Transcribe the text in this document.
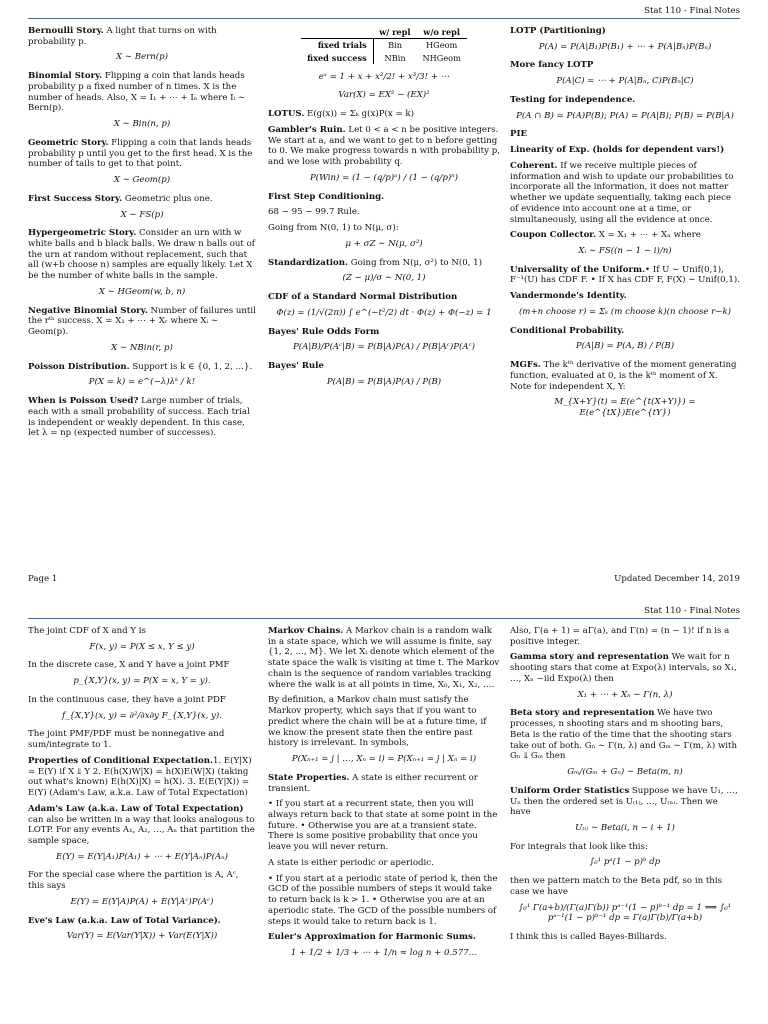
Stat 110 - Final Notes

Bernoulli Story. A light that turns on with probability p.

X ∼ Bern(p)

Binomial Story. Flipping a coin that lands heads probability p a fixed number of n times. X is the number of heads. Also, X = I₁ + ⋯ + Iₙ where Iᵢ ∼ Bern(p).

X ∼ Bin(n, p)

Geometric Story. Flipping a coin that lands heads probability p until you get to the first head. X is the number of tails to get to that point.

X ∼ Geom(p)

First Success Story. Geometric plus one.

X ∼ FS(p)

Hypergeometric Story. Consider an urn with w white balls and b black balls. We draw n balls out of the urn at random without replacement, such that all (w+b choose n) samples are equally likely. Let X be the number of white balls in the sample.

X ∼ HGeom(w, b, n)

Negative Binomial Story. Number of failures until the rᵗʰ success. X = X₁ + ⋯ + Xᵣ where Xᵢ ∼ Geom(p).

X ∼ NBin(r, p)

Poisson Distribution. Support is k ∈ {0, 1, 2, …}.

P(X = k) = e^(−λ)λᵏ / k!

When is Poisson Used? Large number of trials, each with a small probability of success. Each trial is independent or weakly dependent. In this case, let λ = np (expected number of successes).

	w/ repl	w/o repl
fixed trials	Bin	HGeom
fixed success	NBin	NHGeom
eˣ = 1 + x + x²/2! + x³/3! + ⋯
Var(X) = EX² − (EX)²

LOTUS. E(g(x)) = Σₖ g(x)P(x = k)

Gambler's Ruin. Let 0 < a < n be positive integers. We start at a, and we want to get to n before getting to 0. We make progress towards n with probability p, and we lose with probability q.

P(Win) = (1 − (q/p)ᵃ) / (1 − (q/p)ⁿ)

First Step Conditioning.

68 − 95 − 99.7 Rule.

Going from N(0, 1) to N(μ, σ):

μ + σZ ∼ N(μ, σ²)

Standardization. Going from N(μ, σ²) to N(0, 1)

(Z − μ)/σ ∼ N(0, 1)

CDF of a Standard Normal Distribution

Φ(z) = (1/√(2π)) ∫ e^(−t²/2) dt · Φ(z) + Φ(−z) = 1

Bayes' Rule Odds Form

P(A|B)/P(Aᶜ|B) = P(B|A)P(A) / P(B|Aᶜ)P(Aᶜ)

Bayes' Rule

P(A|B) = P(B|A)P(A) / P(B)

LOTP (Partitioning)

P(A) = P(A|B₁)P(B₁) + ⋯ + P(A|Bₙ)P(Bₙ)

More fancy LOTP

P(A|C) = ⋯ + P(A|Bₙ, C)P(Bₙ|C)

Testing for independence.

P(A ∩ B) = P(A)P(B); P(A) = P(A|B); P(B) = P(B|A)

PIE

Linearity of Exp. (holds for dependent vars!)

Coherent. If we receive multiple pieces of information and wish to update our probabilities to incorporate all the information, it does not matter whether we update sequentially, taking each piece of evidence into account one at a time, or simultaneously, using all the evidence at once.

Coupon Collector. X = X₁ + ⋯ + Xₙ where

Xᵢ ∼ FS((n − 1 − i)/n)

Universality of the Uniform.• If U ∼ Unif(0,1), F⁻¹(U) has CDF F. • If X has CDF F, F(X) ∼ Unif(0,1).

Vandermonde's Identity.

(m+n choose r) = Σₖ (m choose k)(n choose r−k)

Conditional Probability.

P(A|B) = P(A, B) / P(B)

MGFs. The kᵗʰ derivative of the moment generating function, evaluated at 0, is the kᵗʰ moment of X. Note for independent X, Y:

M_{X+Y}(t) = E(e^{t(X+Y)}) = E(e^{tX})E(e^{tY})
Page 1	Updated December 14, 2019
Stat 110 - Final Notes

The joint CDF of X and Y is

F(x, y) = P(X ≤ x, Y ≤ y)

In the discrete case, X and Y have a joint PMF

p_{X,Y}(x, y) = P(X = x, Y = y).

In the continuous case, they have a joint PDF

f_{X,Y}(x, y) = ∂²/∂x∂y F_{X,Y}(x, y).

The joint PMF/PDF must be nonnegative and sum/integrate to 1.

Properties of Conditional Expectation.1. E(Y|X) = E(Y) if X ⫫ Y 2. E(h(X)W|X) = h(X)E(W|X) (taking out what's known) E(h(X)|X) = h(X). 3. E(E(Y|X)) = E(Y) (Adam's Law, a.k.a. Law of Total Expectation)

Adam's Law (a.k.a. Law of Total Expectation) can also be written in a way that looks analogous to LOTP. For any events A₁, A₂, …, Aₙ that partition the sample space,

E(Y) = E(Y|A₁)P(A₁) + ⋯ + E(Y|Aₙ)P(Aₙ)

For the special case where the partition is A, Aᶜ, this says

E(Y) = E(Y|A)P(A) + E(Y|Aᶜ)P(Aᶜ)

Eve's Law (a.k.a. Law of Total Variance).

Var(Y) = E(Var(Y|X)) + Var(E(Y|X))

Markov Chains. A Markov chain is a random walk in a state space, which we will assume is finite, say {1, 2, …, M}. We let Xₜ denote which element of the state space the walk is visiting at time t. The Markov chain is the sequence of random variables tracking where the walk is at all points in time, X₀, X₁, X₂, ….

By definition, a Markov chain must satisfy the Markov property, which says that if you want to predict where the chain will be at a future time, if we know the present state then the entire past history is irrelevant. In symbols,

P(Xₙ₊₁ = j | …, Xₙ = i) = P(Xₙ₊₁ = j | Xₙ = i)

State Properties. A state is either recurrent or transient.

• If you start at a recurrent state, then you will always return back to that state at some point in the future. • Otherwise you are at a transient state. There is some positive probability that once you leave you will never return.

A state is either periodic or aperiodic.

• If you start at a periodic state of period k, then the GCD of the possible numbers of steps it would take to return back is k > 1. • Otherwise you are at an aperiodic state. The GCD of the possible numbers of steps it would take to return back is 1.

Euler's Approximation for Harmonic Sums.

1 + 1/2 + 1/3 + ⋯ + 1/n ≈ log n + 0.577…

Also, Γ(a + 1) = aΓ(a), and Γ(n) = (n − 1)! if n is a positive integer.

Gamma story and representation We wait for n shooting stars that come at Expo(λ) intervals, so X₁, …, Xₙ ~iid Expo(λ) then

X₁ + ⋯ + Xₙ ∼ Γ(n, λ)

Beta story and representation We have two processes, n shooting stars and m shooting bars, Beta is the ratio of the time that the shooting stars take out of both. Gₙ ∼ Γ(n, λ) and Gₘ ∼ Γ(m, λ) with Gₙ ⫫ Gₘ then

Gₘ/(Gₘ + Gₙ) ∼ Beta(m, n)

Uniform Order Statistics Suppose we have U₁, …, Uₙ then the ordered set is U₍₁₎, …, U₍ₙ₎. Then we have

U₍ᵢ₎ ∼ Beta(i, n − i + 1)

For integrals that look like this:

∫₀¹ pᵃ(1 − p)ᵇ dp

then we pattern match to the Beta pdf, so in this case we have

∫₀¹ Γ(a+b)/(Γ(a)Γ(b)) pᵃ⁻¹(1 − p)ᵇ⁻¹ dp = 1 ⟹ ∫₀¹ pᵃ⁻¹(1 − p)ᵇ⁻¹ dp = Γ(a)Γ(b)/Γ(a+b)

I think this is called Bayes-Billiards.
